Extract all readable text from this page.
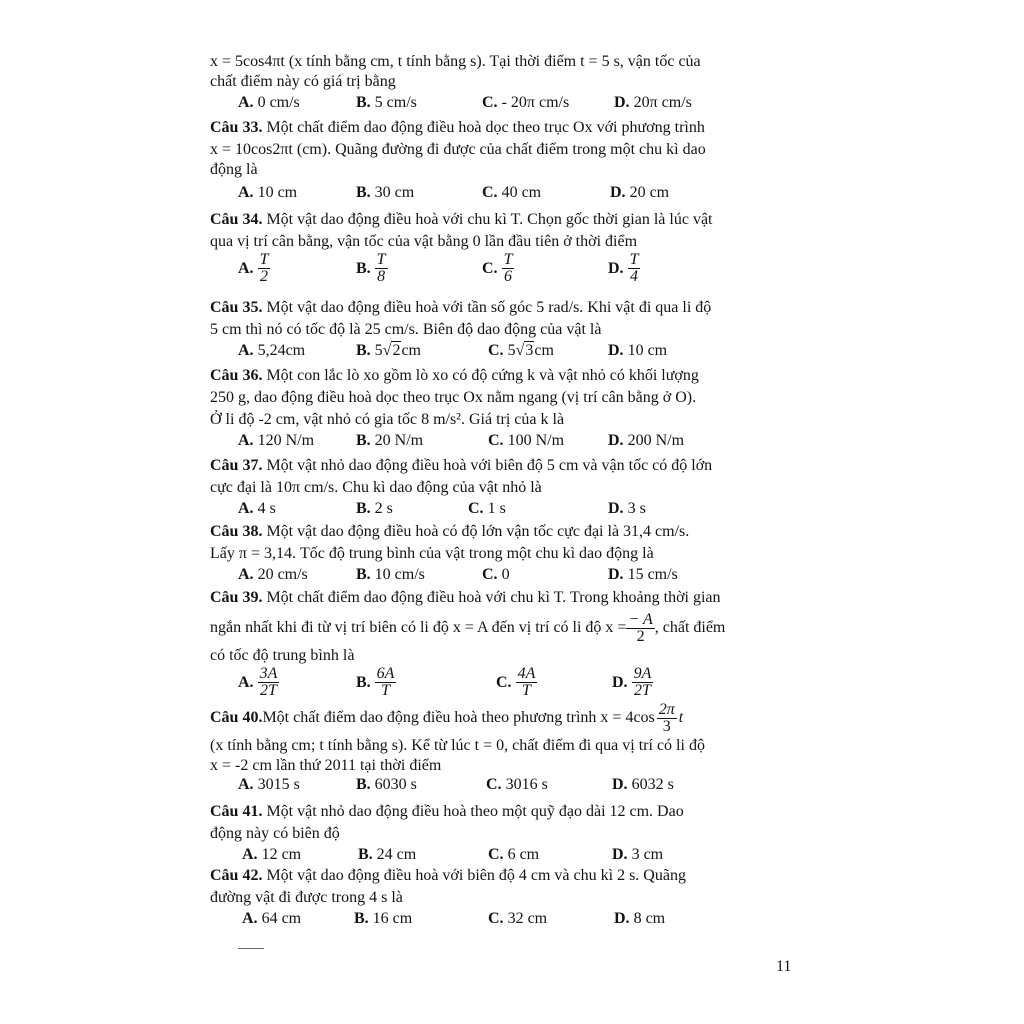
x = 5cos4πt (x tính bằng cm, t tính bằng s). Tại thời điểm t = 5 s, vận tốc của
chất điểm này có giá trị bằng
A. 0 cm/s	B. 5 cm/s	C. - 20π cm/s	D. 20π cm/s
Câu 33. Một chất điểm dao động điều hoà dọc theo trục Ox với phương trình
x = 10cos2πt (cm). Quãng đường đi được của chất điểm trong một chu kì dao
động là
A. 10 cm	B. 30 cm	C. 40 cm	D. 20 cm
Câu 34. Một vật dao động điều hoà với chu kì T. Chọn gốc thời gian là lúc vật
qua vị trí cân bằng, vận tốc của vật bằng 0 lần đầu tiên ở thời điểm
A. $\frac{T}{2}$	B. $\frac{T}{8}$	C. $\frac{T}{6}$	D. $\frac{T}{4}$
Câu 35. Một vật dao động điều hoà với tần số góc 5 rad/s. Khi vật đi qua li độ
5 cm thì nó có tốc độ là 25 cm/s. Biên độ dao động của vật là
A. 5,24cm	B. 5 √2 cm	C. 5 √3 cm	D. 10 cm
Câu 36. Một con lắc lò xo gồm lò xo có độ cứng k và vật nhỏ có khối lượng
250 g, dao động điều hoà dọc theo trục Ox nằm ngang (vị trí cân bằng ở O).
Ở li độ -2 cm, vật nhỏ có gia tốc 8 m/s². Giá trị của k là
A. 120 N/m	B. 20 N/m	C. 100 N/m	D. 200 N/m
Câu 37. Một vật nhỏ dao động điều hoà với biên độ 5 cm và vận tốc có độ lớn
cực đại là 10π cm/s. Chu kì dao động của vật nhỏ là
A. 4 s	B. 2 s	C. 1 s	D. 3 s
Câu 38. Một vật dao động điều hoà có độ lớn vận tốc cực đại là 31,4 cm/s.
Lấy π = 3,14. Tốc độ trung bình của vật trong một chu kì dao động là
A. 20 cm/s	B. 10 cm/s	C. 0	D. 15 cm/s
Câu 39. Một chất điểm dao động điều hoà với chu kì T. Trong khoảng thời gian
ngắn nhất khi đi từ vị trí biên có li độ x = A đến vị trí có li độ $x = \frac{- A}{2}$ , chất điểm
có tốc độ trung bình là
A. $\frac{3A}{2T}$	B. $\frac{6A}{T}$	C. $\frac{4A}{T}$	D. $\frac{9A}{2T}$
Câu 40. Một chất điểm dao động điều hoà theo phương trình $x = 4\cos \frac{2\pi}{3}$ t
(x tính bằng cm; t tính bằng s). Kể từ lúc t = 0, chất điểm đi qua vị trí có li độ
x = -2 cm lần thứ 2011 tại thời điểm
A. 3015 s	B. 6030 s	C. 3016 s	D. 6032 s
Câu 41. Một vật nhỏ dao động điều hoà theo một quỹ đạo dài 12 cm. Dao
động này có biên độ
A. 12 cm	B. 24 cm	C. 6 cm	D. 3 cm
Câu 42. Một vật dao động điều hoà với biên độ 4 cm và chu kì 2 s. Quãng
đường vật đi được trong 4 s là
A. 64 cm	B. 16 cm	C. 32 cm	D. 8 cm
11
